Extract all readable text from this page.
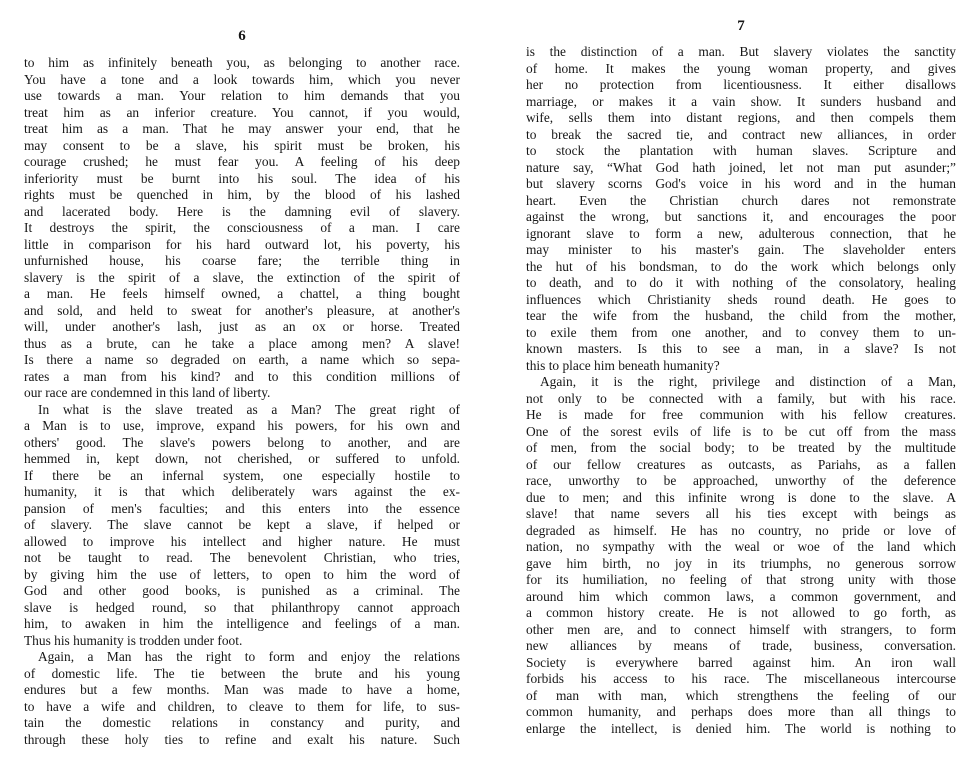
6
to him as infinitely beneath you, as belonging to another race.
You have a tone and a look towards him, which you never
use towards a man. Your relation to him demands that you
treat him as an inferior creature. You cannot, if you would,
treat him as a man. That he may answer your end, that he
may consent to be a slave, his spirit must be broken, his
courage crushed; he must fear you. A feeling of his deep
inferiority must be burnt into his soul. The idea of his
rights must be quenched in him, by the blood of his lashed
and lacerated body. Here is the damning evil of slavery.
It destroys the spirit, the consciousness of a man. I care
little in comparison for his hard outward lot, his poverty, his
unfurnished house, his coarse fare; the terrible thing in
slavery is the spirit of a slave, the extinction of the spirit of
a man. He feels himself owned, a chattel, a thing bought
and sold, and held to sweat for another's pleasure, at another's
will, under another's lash, just as an ox or horse. Treated
thus as a brute, can he take a place among men? A slave!
Is there a name so degraded on earth, a name which so sepa-
rates a man from his kind? and to this condition millions of
our race are condemned in this land of liberty.
In what is the slave treated as a Man? The great right of
a Man is to use, improve, expand his powers, for his own and
others' good. The slave's powers belong to another, and are
hemmed in, kept down, not cherished, or suffered to unfold.
If there be an infernal system, one especially hostile to
humanity, it is that which deliberately wars against the ex-
pansion of men's faculties; and this enters into the essence
of slavery. The slave cannot be kept a slave, if helped or
allowed to improve his intellect and higher nature. He must
not be taught to read. The benevolent Christian, who tries,
by giving him the use of letters, to open to him the word of
God and other good books, is punished as a criminal. The
slave is hedged round, so that philanthropy cannot approach
him, to awaken in him the intelligence and feelings of a man.
Thus his humanity is trodden under foot.
Again, a Man has the right to form and enjoy the relations
of domestic life. The tie between the brute and his young
endures but a few months. Man was made to have a home,
to have a wife and children, to cleave to them for life, to sus-
tain the domestic relations in constancy and purity, and
through these holy ties to refine and exalt his nature. Such
7
is the distinction of a man. But slavery violates the sanctity
of home. It makes the young woman property, and gives
her no protection from licentiousness. It either disallows
marriage, or makes it a vain show. It sunders husband and
wife, sells them into distant regions, and then compels them
to break the sacred tie, and contract new alliances, in order
to stock the plantation with human slaves. Scripture and
nature say, “What God hath joined, let not man put asunder;”
but slavery scorns God's voice in his word and in the human
heart. Even the Christian church dares not remonstrate
against the wrong, but sanctions it, and encourages the poor
ignorant slave to form a new, adulterous connection, that he
may minister to his master's gain. The slaveholder enters
the hut of his bondsman, to do the work which belongs only
to death, and to do it with nothing of the consolatory, healing
influences which Christianity sheds round death. He goes to
tear the wife from the husband, the child from the mother,
to exile them from one another, and to convey them to un-
known masters. Is this to see a man, in a slave? Is not
this to place him beneath humanity?
Again, it is the right, privilege and distinction of a Man,
not only to be connected with a family, but with his race.
He is made for free communion with his fellow creatures.
One of the sorest evils of life is to be cut off from the mass
of men, from the social body; to be treated by the multitude
of our fellow creatures as outcasts, as Pariahs, as a fallen
race, unworthy to be approached, unworthy of the deference
due to men; and this infinite wrong is done to the slave. A
slave! that name severs all his ties except with beings as
degraded as himself. He has no country, no pride or love of
nation, no sympathy with the weal or woe of the land which
gave him birth, no joy in its triumphs, no generous sorrow
for its humiliation, no feeling of that strong unity with those
around him which common laws, a common government, and
a common history create. He is not allowed to go forth, as
other men are, and to connect himself with strangers, to form
new alliances by means of trade, business, conversation.
Society is everywhere barred against him. An iron wall
forbids his access to his race. The miscellaneous intercourse
of man with man, which strengthens the feeling of our
common humanity, and perhaps does more than all things to
enlarge the intellect, is denied him. The world is nothing to
